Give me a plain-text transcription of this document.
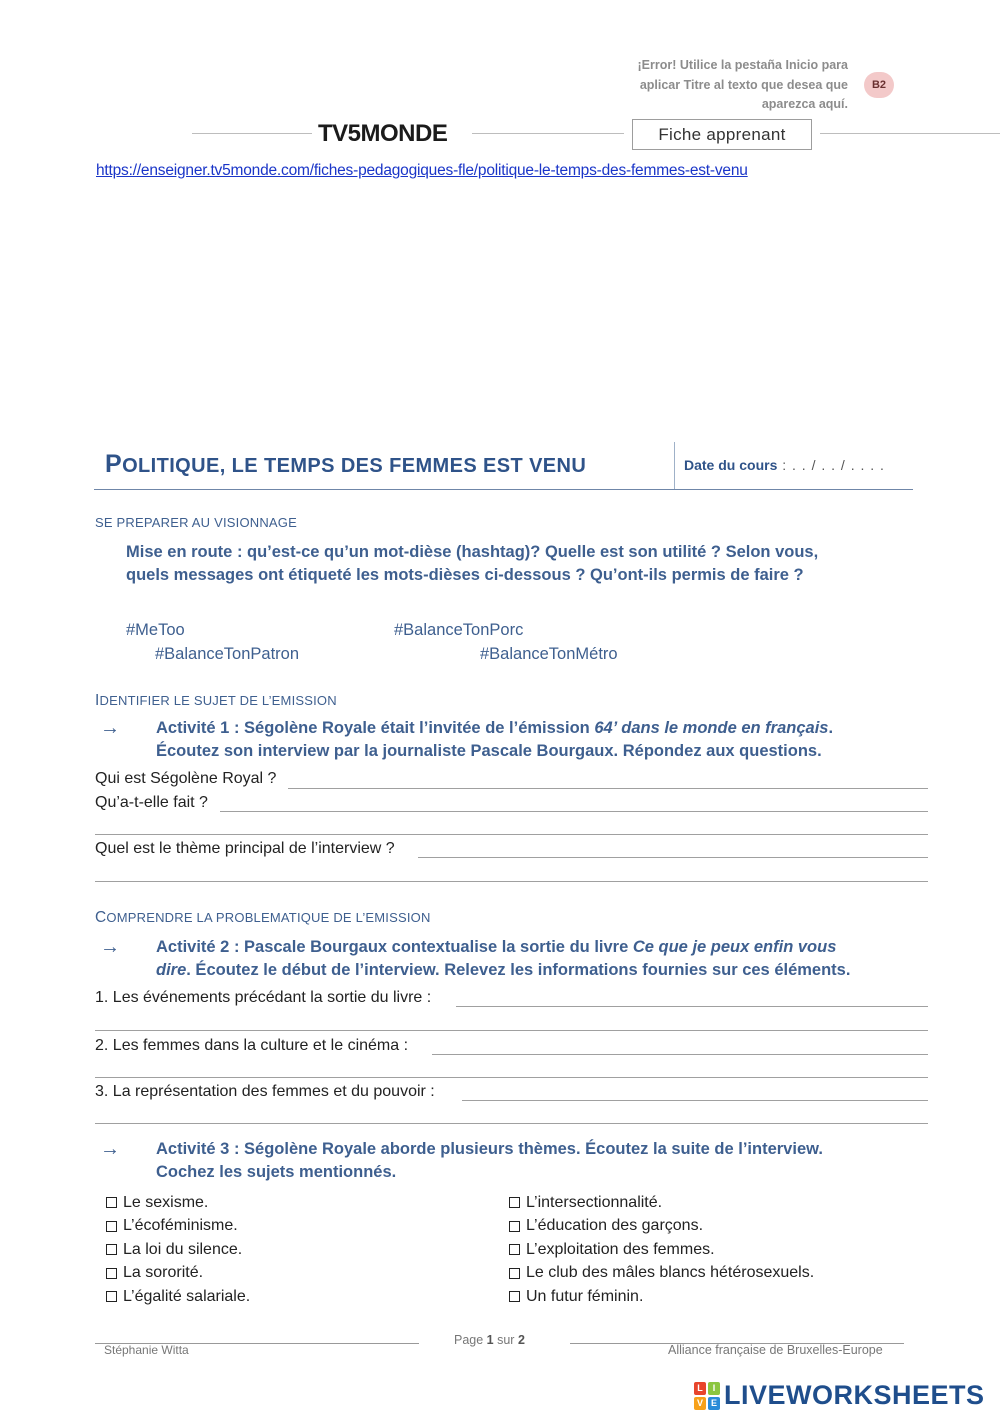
¡Error! Utilice la pestaña Inicio para
aplicar Titre al texto que desea que
aparezca aquí.
B2
TV5MONDE	Fiche apprenant
https://enseigner.tv5monde.com/fiches-pedagogiques-fle/politique-le-temps-des-femmes-est-venu
POLITIQUE, LE TEMPS DES FEMMES EST VENU	Date du cours : . . / . . / . . . .
SE PREPARER AU VISIONNAGE
Mise en route : qu’est-ce qu’un mot-dièse (hashtag)? Quelle est son utilité ? Selon vous,
quels messages ont étiqueté les mots-dièses ci-dessous ? Qu’ont-ils permis de faire ?
#MeToo	#BalanceTonPorc
#BalanceTonPatron	#BalanceTonMétro
IDENTIFIER LE SUJET DE L’EMISSION
→ Activité 1 : Ségolène Royale était l’invitée de l’émission 64’ dans le monde en français.
Écoutez son interview par la journaliste Pascale Bourgaux. Répondez aux questions.
Qui est Ségolène Royal ?
Qu’a-t-elle fait ?
Quel est le thème principal de l’interview ?
COMPRENDRE LA PROBLEMATIQUE DE L’EMISSION
→ Activité 2 : Pascale Bourgaux contextualise la sortie du livre Ce que je peux enfin vous
dire. Écoutez le début de l’interview. Relevez les informations fournies sur ces éléments.
1. Les événements précédant la sortie du livre :
2. Les femmes dans la culture et le cinéma :
3. La représentation des femmes et du pouvoir :
→ Activité 3 : Ségolène Royale aborde plusieurs thèmes. Écoutez la suite de l’interview.
Cochez les sujets mentionnés.
Le sexisme.
L’écoféminisme.
La loi du silence.
La sororité.
L’égalité salariale.
L’intersectionnalité.
L’éducation des garçons.
L’exploitation des femmes.
Le club des mâles blancs hétérosexuels.
Un futur féminin.
Stéphanie Witta
Page 1 sur 2
Alliance française de Bruxelles-Europe
L	I
V E LIVEWORKSHEETS
